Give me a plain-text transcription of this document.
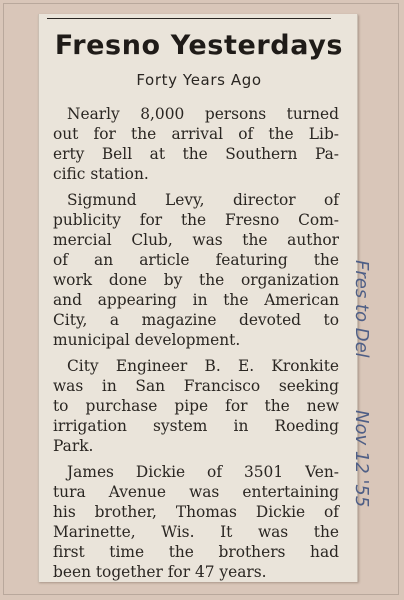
Fresno Yesterdays
Forty Years Ago
Nearly 8,000 persons turned
out for the arrival of the Lib-
erty Bell at the Southern Pa-
cific station.
Sigmund Levy, director of
publicity for the Fresno Com-
mercial Club, was the author
of an article featuring the
work done by the organization
and appearing in the American
City, a magazine devoted to
municipal development.
City Engineer B. E. Kronkite
was in San Francisco seeking
to purchase pipe for the new
irrigation system in Roeding
Park.
James Dickie of 3501 Ven-
tura Avenue was entertaining
his brother, Thomas Dickie of
Marinette, Wis. It was the
first time the brothers had
been together for 47 years.
Fres to Del
Nov 12 '55
